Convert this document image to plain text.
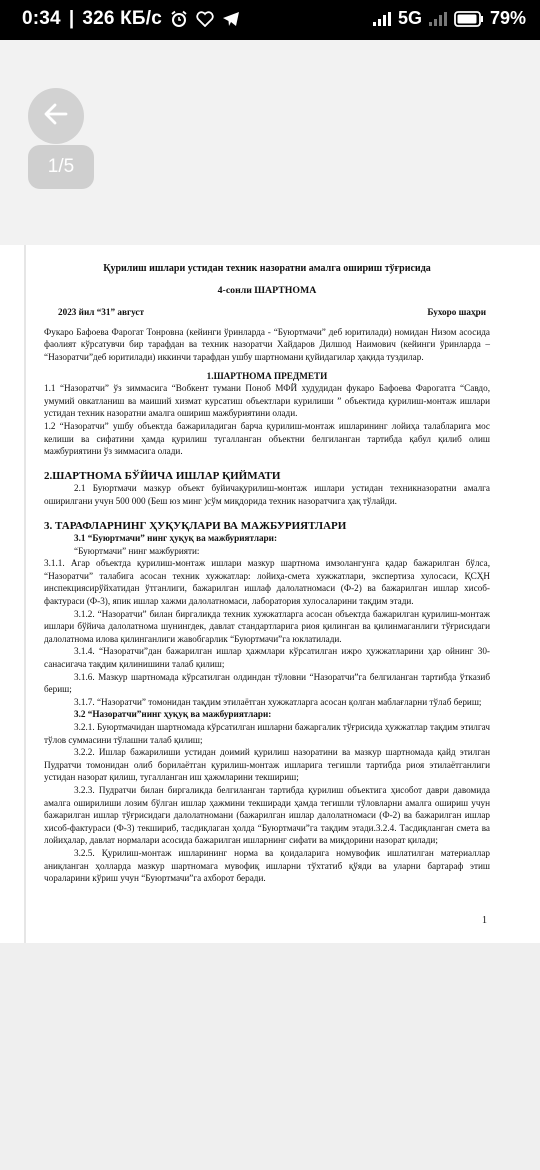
0:34 | 326 КБ/с	5G	79%
1/5

Қурилиш ишлари устидан техник назоратни амалга ошириш тўғрисида

4-сонли ШАРТНОМА

2023 йил “31” август	Бухоро шаҳри

Фукаро Бафоева Фарогат Тонровна (кейинги ўринларда - “Буюртмачи” деб юритилади) номидан Низом асосида фаолият кўрсатувчи бир тарафдан ва техник назоратчи Хайдаров Дилшод Наимович (кейинги ўринларда – “Назоратчи”деб юритилади) иккинчи тарафдан ушбу шартномани қуйидагилар ҳақида туздилар.

1.ШАРТНОМА ПРЕДМЕТИ

1.1 “Назоратчи” ўз зиммасига “Вобкент тумани Поноб МФЙ худудидан фукаро Бафоева Фарогатга “Савдо, умумий овкатланиш ва маиший хизмат курсатиш объектлари курилиши ” объектида қурилиш-монтаж ишлари устидан техник назоратни амалга ошириш мажбуриятини олади.

1.2 “Назоратчи” ушбу объектда бажариладиган барча қурилиш-монтаж ишларининг лойиҳа талабларига мос келиши ва сифатини ҳамда қурилиш тугалланган объектни белгиланган тартибда қабул қилиб олиш мажбуриятини ўз зиммасига олади.

2.ШАРТНОМА БЎЙИЧА ИШЛАР ҚИЙМАТИ

2.1 Буюртмачи мазкур объект буйичақурилиш-монтаж ишлари устидан техникназоратни амалга оширилгани учун 500 000 (Беш юз минг )сўм миқдорида техник назоратчига ҳақ тўлайди.

3. ТАРАФЛАРНИНГ ҲУҚУҚЛАРИ ВА МАЖБУРИЯТЛАРИ

3.1 “Буюртмачи” нинг ҳуқуқ ва мажбуриятлари:

“Буюртмачи” нинг мажбурияти:

3.1.1. Агар объектда қурилиш-монтаж ишлари мазкур шартнома имзолангунга қадар бажарилган бўлса, “Назоратчи” талабига асосан техник хужжатлар: лойиҳа-смета хужжатлари, экспертиза хулосаси, ҚСҲН инспекциясирўйхатидан ўтганлиги, бажарилган ишлаф далолатномаси (Ф-2) ва бажарилган ишлар хисоб-фактураси (Ф-3), япик ишлар хажми далолатномаси, лаборатория хулосаларини тақдим этади.

3.1.2. “Назоратчи” билан биргаликда техник хужжатларга асосан объектда бажарилган қурилиш-монтаж ишлари бўйича далолатнома шунингдек, давлат стандартларига риоя қилинган ва қилинмаганлиги тўғрисидаги далолатнома илова қилинганлиги жавобгарлик “Буюртмачи”га юклатилади.

3.1.4. “Назоратчи”дан бажарилган ишлар ҳажмлари кўрсатилган ижро ҳужжатларини ҳар ойнинг 30-санасигача тақдим қилинишини талаб қилиш;

3.1.6. Мазкур шартномада кўрсатилган олдиндан тўловни “Назоратчи”га белгиланган тартибда ўтказиб бериш;

3.1.7. “Назоратчи” томонидан тақдим этилаётган хужжатларга асосан қолган маблағларни тўлаб бериш;

3.2 “Назоратчи”нинг ҳуқуқ ва мажбуриятлари:

3.2.1. Буюртмачидан шартномада кўрсатилган ишларни бажаргалик тўғрисида ҳужжатлар тақдим этилгач тўлов суммасини тўлашни талаб қилиш;

3.2.2. Ишлар бажарилиши устидан доимий қурилиш назоратини ва мазкур шартномада қайд этилган Пудратчи томонидан олиб борилаётган қурилиш-монтаж ишларига тегишли тартибда риоя этилаётганлиги устидан назорат қилиш, тугалланган иш ҳажмларини текшириш;

3.2.3. Пудратчи билан биргаликда белгиланган тартибда қурилиш объектига ҳисобот даври давомида амалга оширилиши лозим бўлган ишлар ҳажмини текширади ҳамда тегишли тўловларни амалга ошириш учун бажарилган ишлар тўғрисидаги далолатномани (бажарилган ишлар далолатномаси (Ф-2) ва бажарилган ишлар хисоб-фактураси (Ф-3) текшириб, тасдиқлаган ҳолда “Буюртмачи”га тақдим этади.3.2.4. Тасдиқланган смета ва лойиҳалар, давлат нормалари асосида бажарилган ишларнинг сифати ва миқдорини назорат қилади;

3.2.5. Қурилиш-монтаж ишларининг норма ва қоидаларига номувофик ишлатилган материаллар аниқланган ҳолларда мазкур шартномага мувофиқ ишларни тўхтатиб қўяди ва уларни бартараф этиш чораларини кўриш учун “Буюртмачи”га ахборот беради.

1
